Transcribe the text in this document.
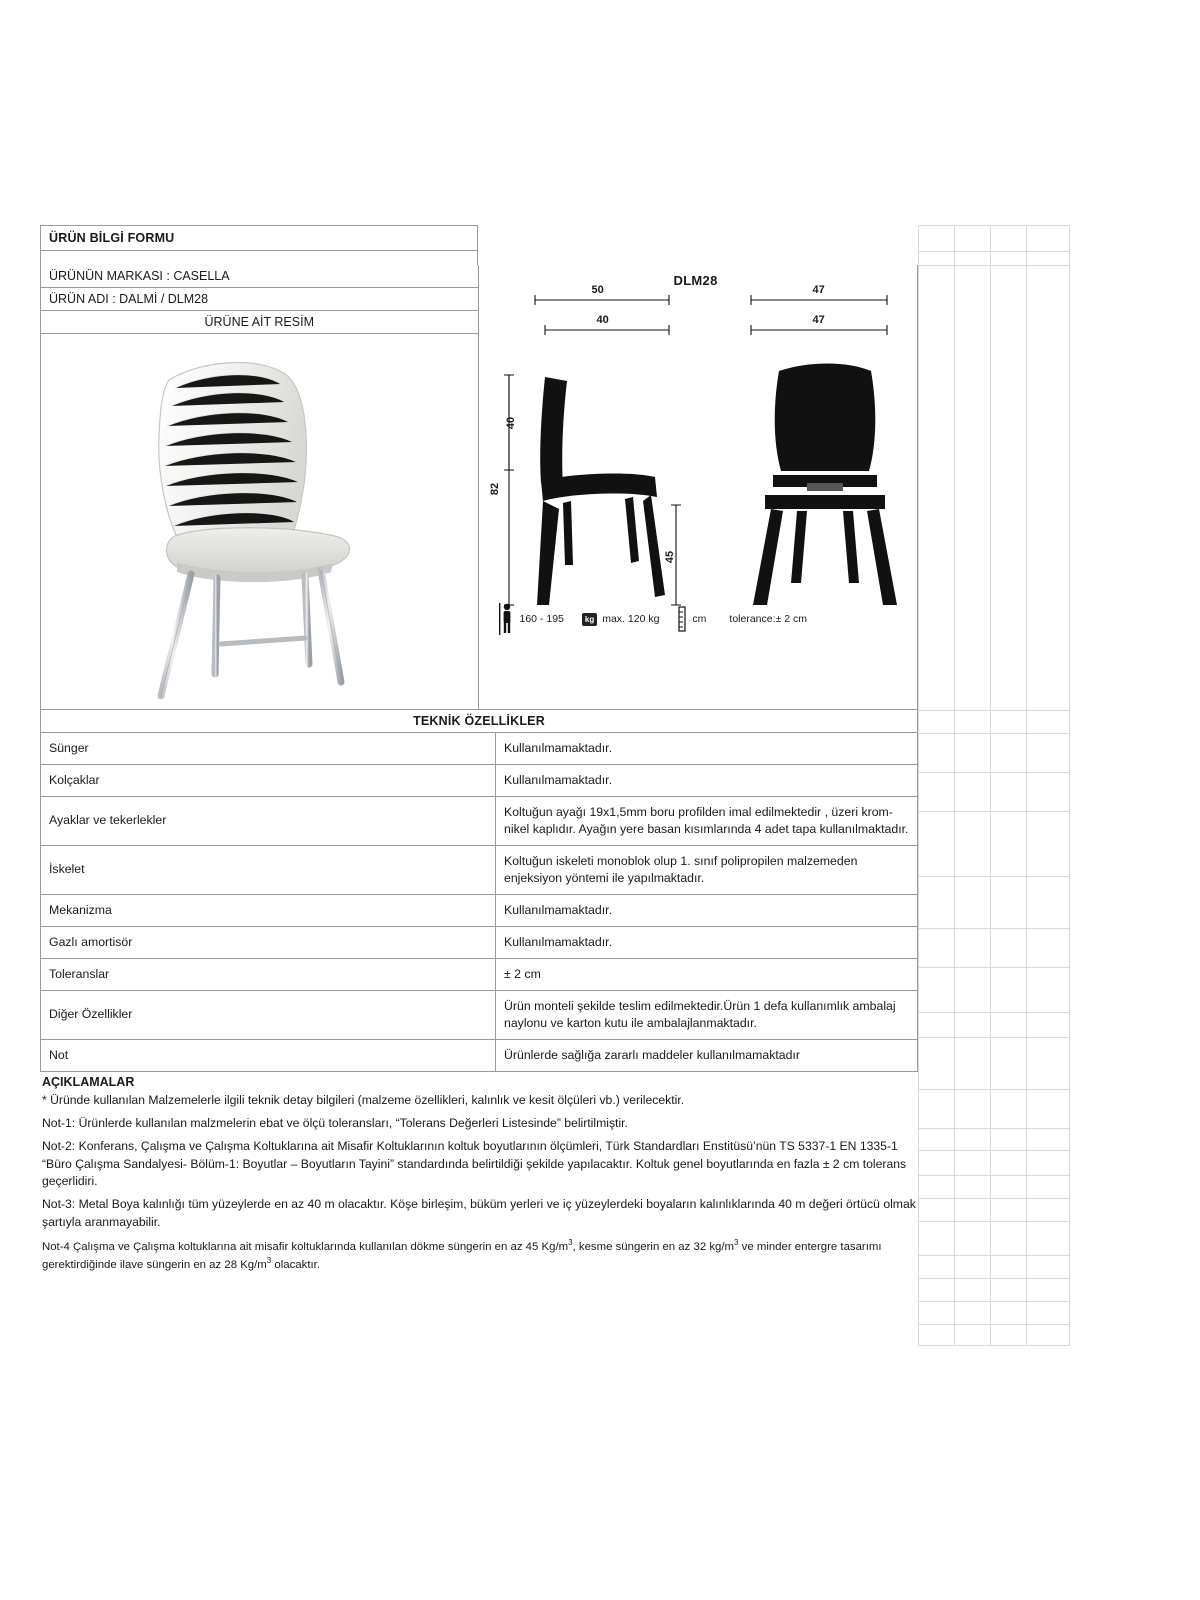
ÜRÜN BİLGİ FORMU
ÜRÜNÜN MARKASI : CASELLA
ÜRÜN ADI : DALMİ / DLM28
ÜRÜNE AİT RESİM
DLM28
50
40
47
47
40
82
45
160 - 195	kg max. 120 kg	cm tolerance:± 2 cm
TEKNİK ÖZELLİKLER
Sünger	Kullanılmamaktadır.
Kolçaklar	Kullanılmamaktadır.
Ayaklar ve tekerlekler	Koltuğun ayağı 19x1,5mm boru profilden imal edilmektedir , üzeri krom-nikel kaplıdır. Ayağın yere basan kısımlarında 4 adet tapa kullanılmaktadır.
İskelet	Koltuğun iskeleti monoblok olup 1. sınıf polipropilen malzemeden enjeksiyon yöntemi ile yapılmaktadır.
Mekanizma	Kullanılmamaktadır.
Gazlı amortisör	Kullanılmamaktadır.
Toleranslar	± 2 cm
Diğer Özellikler	Ürün monteli şekilde teslim edilmektedir.Ürün 1 defa kullanımlık ambalaj naylonu ve karton kutu ile ambalajlanmaktadır.
Not	Ürünlerde sağlığa zararlı maddeler kullanılmamaktadır
AÇIKLAMALAR

* Üründe kullanılan Malzemelerle ilgili teknik detay bilgileri (malzeme özellikleri, kalınlık ve kesit ölçüleri vb.) verilecektir.

Not-1: Ürünlerde kullanılan malzmelerin ebat ve ölçü toleransları, “Tolerans Değerleri Listesinde” belirtilmiştir.

Not-2: Konferans, Çalışma ve Çalışma Koltuklarına ait Misafir Koltuklarının koltuk boyutlarının ölçümleri, Türk Standardları Enstitüsü’nün TS 5337-1 EN 1335-1 “Büro Çalışma Sandalyesi- Bölüm-1: Boyutlar – Boyutların Tayini” standardında belirtildiği şekilde yapılacaktır. Koltuk genel boyutlarında en fazla ± 2 cm tolerans geçerlidiri.

Not-3: Metal Boya kalınlığı tüm yüzeylerde en az 40 m olacaktır. Köşe birleşim, büküm yerleri ve iç yüzeylerdeki boyaların kalınlıklarında 40 m değeri örtücü olmak şartıyla aranmayabilir.

Not-4 Çalışma ve Çalışma koltuklarına ait misafir koltuklarında kullanılan dökme süngerin en az 45 $Kg/m^3$, kesme süngerin en az 32 $kg/m^3$ ve minder entergre tasarımı gerektirdiğinde ilave süngerin en az 28 $Kg/m^3$ olacaktır.
